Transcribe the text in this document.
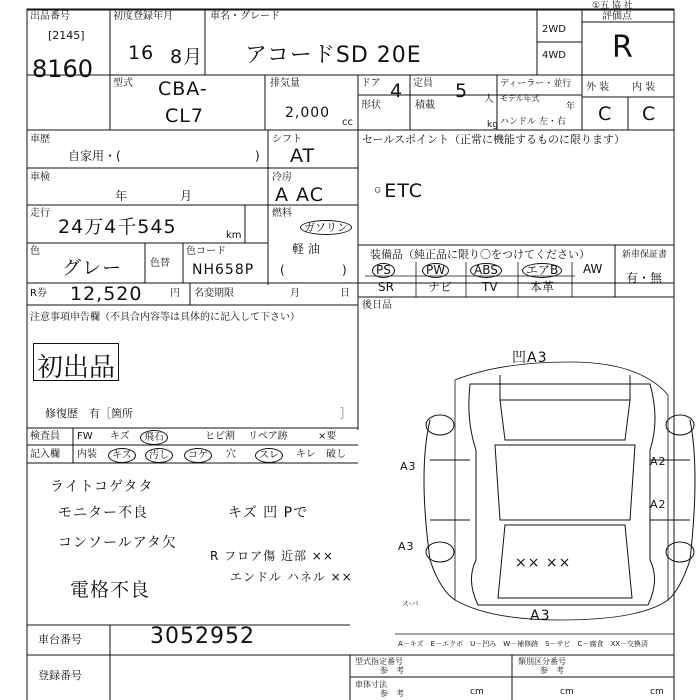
出品番号
[2145]
8160
初度登録年月
16 8月
車名・グレード
アコードSD 20E
2WD
4WD
評価点
R
①五 協 社
型式 CBA-
CL7
排気量
2,000
cc
ドア 4 定員 5 人
形状	積載
kg
ディーラー・並行
モデル年式
年
ハンドル 左・右
外 装 内 装
C C
車歴
自家用・(	)
シフト
AT
セールスポイント（正常に機能するものに限ります）
◦ETC
車検
年	月
冷房
A AC
走行
24万4千545	km
燃料
ガソリン
軽 油
(	)
色
グレー	色替
色コード
NH658P
装備品（純正品に限り〇をつけてください）
PS	PW	ABS	エアB	AW
SR	ナビ TV	本革
新車保証書
有・無
R券 12,520	円 名変期限	月	日
後日品
注意事項申告欄（不具合内容等は具体的に記入して下さい）
初出品
修復歴　有［箇所	］
検査員
記入欄
FW キズ	飛石	ヒビ割 リペア跡	×要
内装	キズ	汚し	コゲ	穴	スレ	キレ 破し
ライトコゲタタ
モニター不良	キズ 凹 Pで
コンソールアタ欠
R フロア傷 近部 ××
エンドル ハネル ××
電格不良
凹A3
A3
A3
A3
A2
A2
×× ××
ス-パ
A－キズ　E－エクボ　U－凹み　W－補修跡　S－サビ　C－腐食　XX－交換済
車台番号	3052952
登録番号
型式指定番号
参　考
類別区分番号
参　考
車体寸法
参　考	cm	cm	cm
